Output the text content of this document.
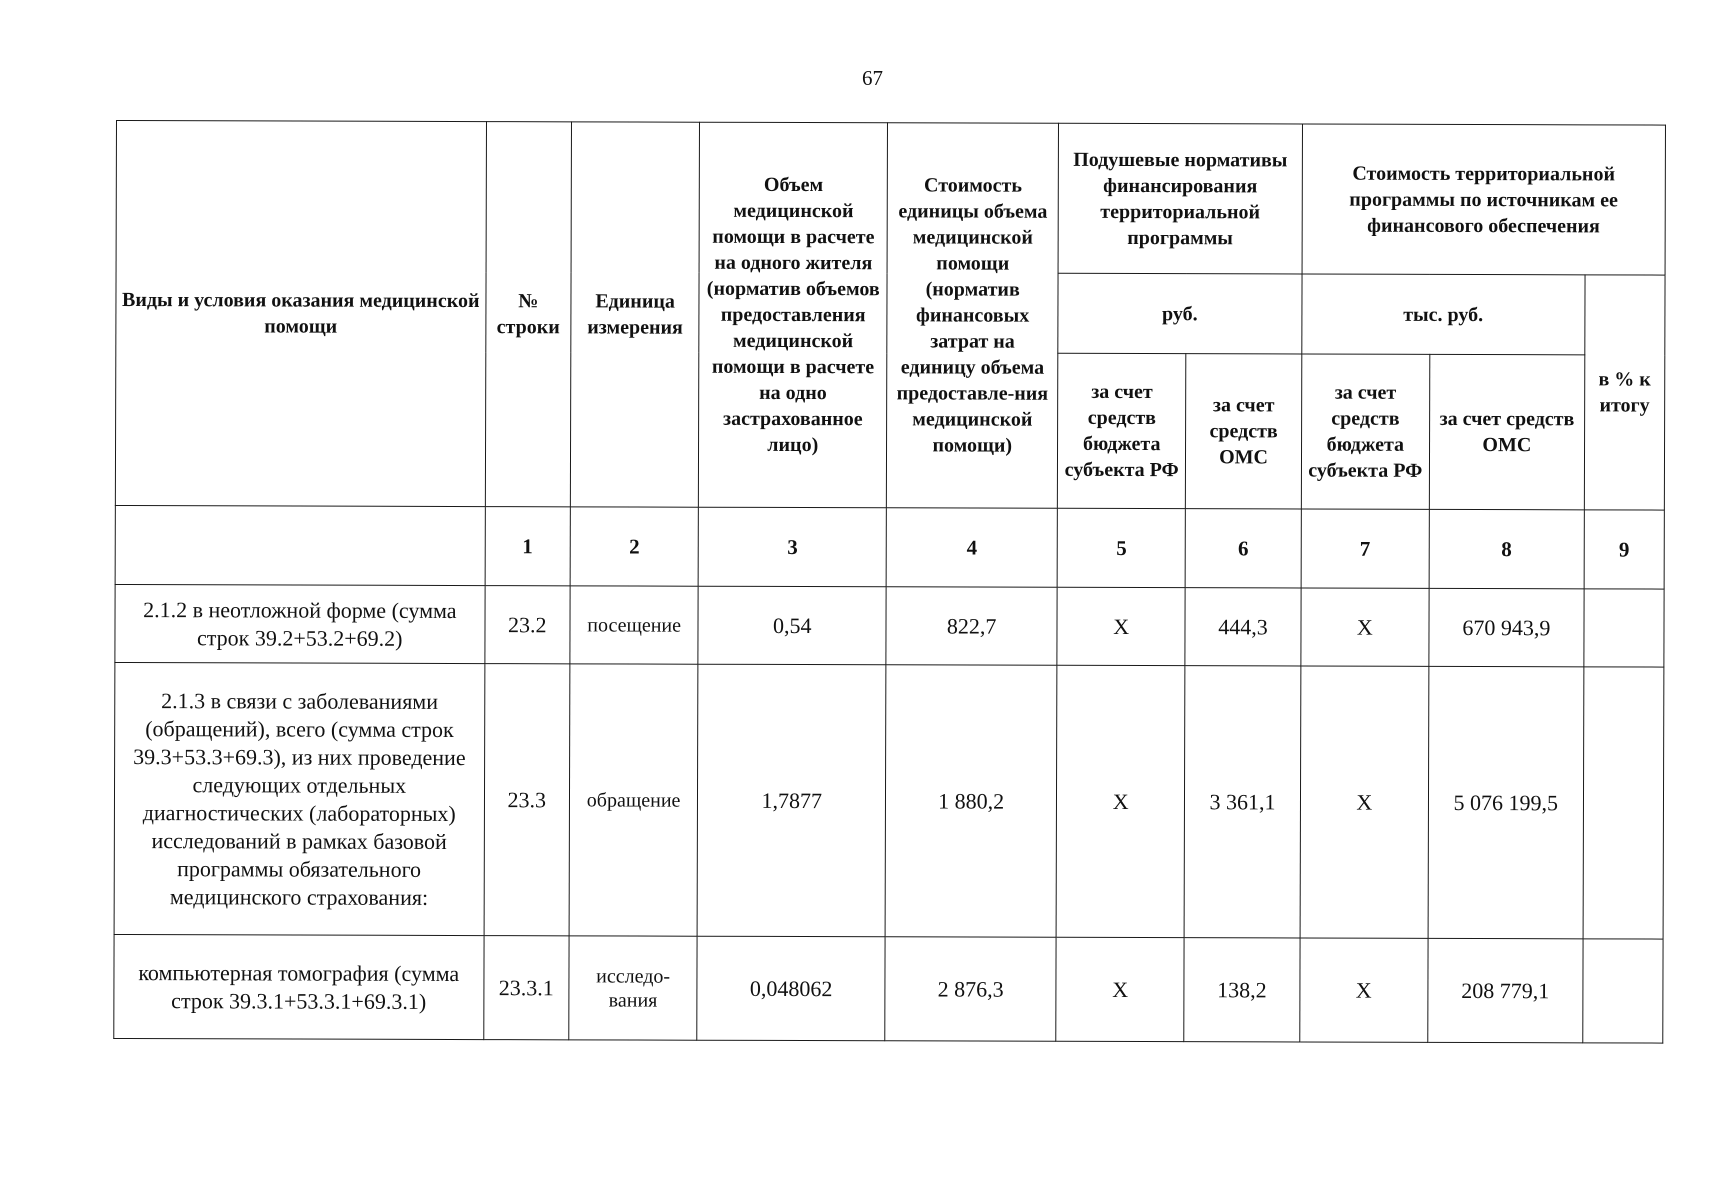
67
Виды и условия оказания медицинской помощи	№ строки	Единица измерения	Объем медицинской помощи в расчете на одного жителя (норматив объемов предоставления медицинской помощи в расчете на одно застрахованное лицо)	Стоимость единицы объема медицинской помощи (норматив финансовых затрат на единицу объема предоставле-ния медицинской помощи)	Подушевые нормативы финансирования территориальной программы		Стоимость территориальной программы по источникам ее финансового обеспечения		
					руб.		тыс. руб.		в % к итогу
					за счет средств бюджета субъекта РФ	за счет средств ОМС	за счет средств бюджета субъекта РФ	за счет средств ОМС	
	1	2	3	4	5	6	7	8	9
2.1.2 в неотложной форме (сумма строк 39.2+53.2+69.2)	23.2	посещение	0,54	822,7	Х	444,3	Х	670 943,9	
2.1.3 в связи с заболеваниями (обращений), всего (сумма строк 39.3+53.3+69.3), из них проведение следующих отдельных диагностических (лабораторных) исследований в рамках базовой программы обязательного медицинского страхования:	23.3	обращение	1,7877	1 880,2	Х	3 361,1	Х	5 076 199,5	
компьютерная томография (сумма строк 39.3.1+53.3.1+69.3.1)	23.3.1	исследо-вания	0,048062	2 876,3	Х	138,2	Х	208 779,1	
